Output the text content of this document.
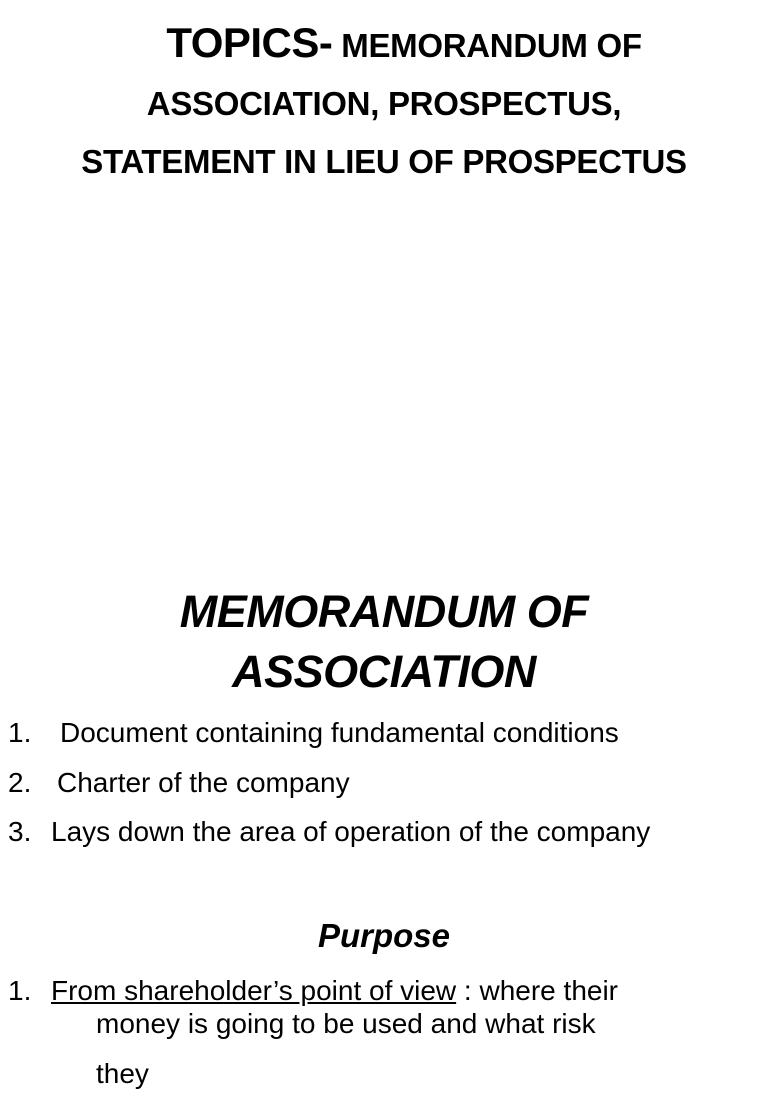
TOPICS- MEMORANDUM OF
ASSOCIATION, PROSPECTUS,
STATEMENT IN LIEU OF PROSPECTUS
MEMORANDUM OF
ASSOCIATION
1. Document containing fundamental conditions
2. Charter of the company
3. Lays down the area of operation of the company
Purpose
1. From shareholder’s point of view : where their
money is going to be used and what risk they
